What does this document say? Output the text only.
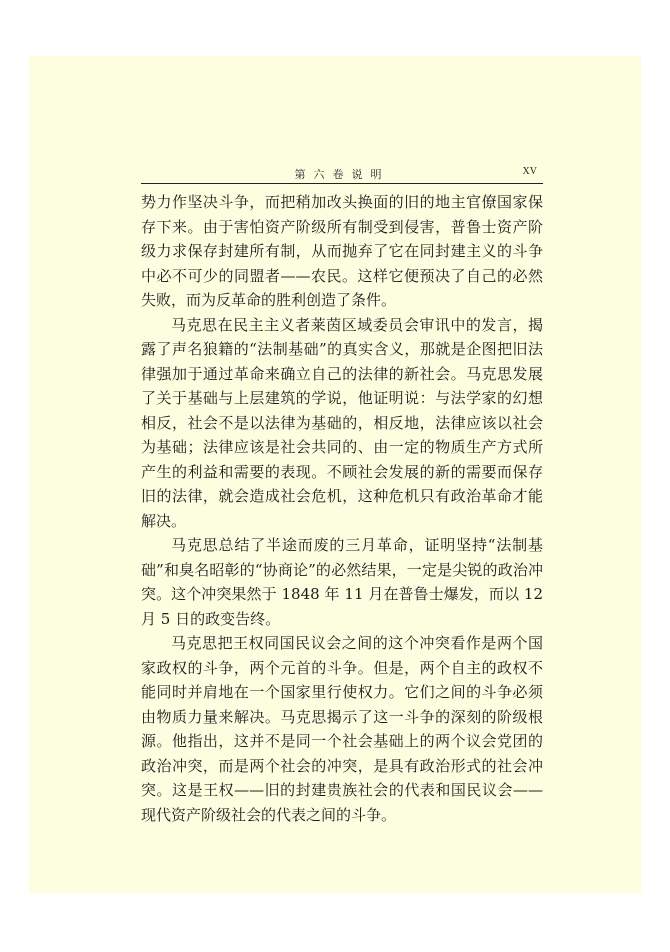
第六卷说明	XV

势力作坚决斗争，而把稍加改头换面的旧的地主官僚国家保存下来。由于害怕资产阶级所有制受到侵害，普鲁士资产阶级力求保存封建所有制，从而抛弃了它在同封建主义的斗争中必不可少的同盟者——农民。这样它便预决了自己的必然失败，而为反革命的胜利创造了条件。

马克思在民主主义者莱茵区域委员会审讯中的发言，揭露了声名狼籍的“法制基础”的真实含义，那就是企图把旧法律强加于通过革命来确立自己的法律的新社会。马克思发展了关于基础与上层建筑的学说，他证明说：与法学家的幻想相反，社会不是以法律为基础的，相反地，法律应该以社会为基础；法律应该是社会共同的、由一定的物质生产方式所产生的利益和需要的表现。不顾社会发展的新的需要而保存旧的法律，就会造成社会危机，这种危机只有政治革命才能解决。

马克思总结了半途而废的三月革命，证明坚持“法制基础”和臭名昭彰的“协商论”的必然结果，一定是尖锐的政治冲突。这个冲突果然于 1848 年 11 月在普鲁士爆发，而以 12 月 5 日的政变告终。

马克思把王权同国民议会之间的这个冲突看作是两个国家政权的斗争，两个元首的斗争。但是，两个自主的政权不能同时并肩地在一个国家里行使权力。它们之间的斗争必须由物质力量来解决。马克思揭示了这一斗争的深刻的阶级根源。他指出，这并不是同一个社会基础上的两个议会党团的政治冲突，而是两个社会的冲突，是具有政治形式的社会冲突。这是王权——旧的封建贵族社会的代表和国民议会——现代资产阶级社会的代表之间的斗争。
